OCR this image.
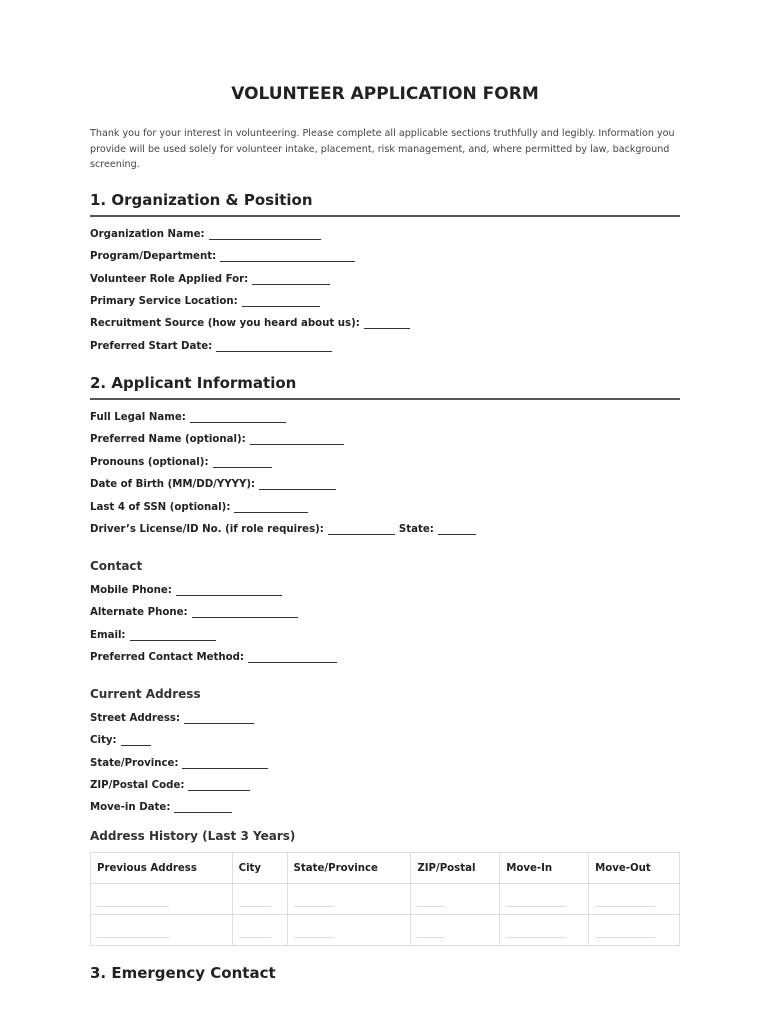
VOLUNTEER APPLICATION FORM
Thank you for your interest in volunteering. Please complete all applicable sections truthfully and legibly. Information you provide will be used solely for volunteer intake, placement, risk management, and, where permitted by law, background screening.
1. Organization & Position
Organization Name:
Program/Department:
Volunteer Role Applied For:
Primary Service Location:
Recruitment Source (how you heard about us):
Preferred Start Date:
2. Applicant Information
Full Legal Name:
Preferred Name (optional):
Pronouns (optional):
Date of Birth (MM/DD/YYYY):
Last 4 of SSN (optional):
Driver’s License/ID No. (if role requires):	State:
Contact
Mobile Phone:
Alternate Phone:
Email:
Preferred Contact Method:
Current Address
Street Address:
City:
State/Province:
ZIP/Postal Code:
Move-in Date:
Address History (Last 3 Years)
Previous Address	City	State/Province	ZIP/Postal	Move-In	Move-Out

3. Emergency Contact
